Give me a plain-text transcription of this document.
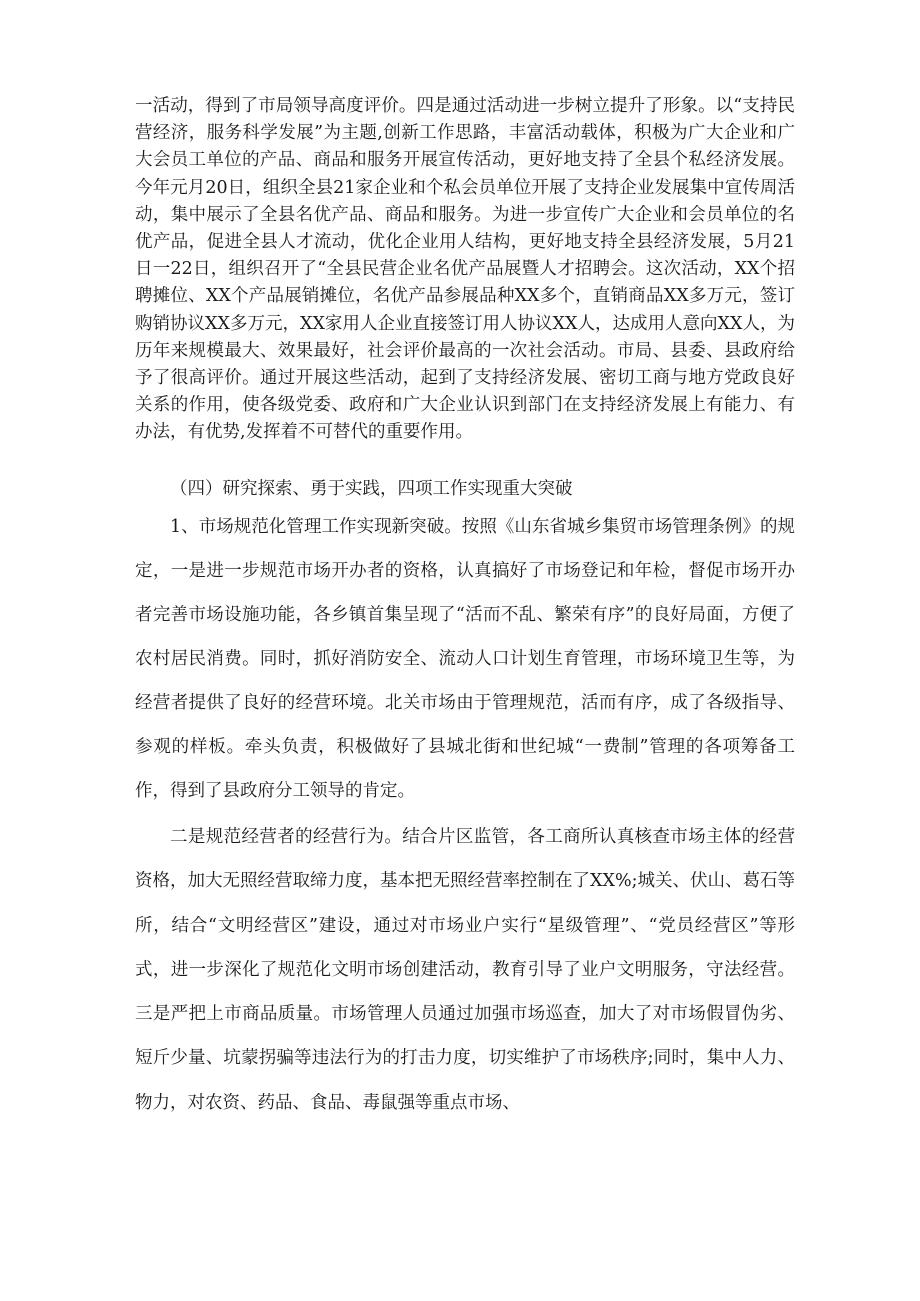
一活动，得到了市局领导高度评价。四是通过活动进一步树立提升了形象。以“支持民营经济，服务科学发展”为主题,创新工作思路，丰富活动载体，积极为广大企业和广大会员工单位的产品、商品和服务开展宣传活动，更好地支持了全县个私经济发展。今年元月20日，组织全县21家企业和个私会员单位开展了支持企业发展集中宣传周活动，集中展示了全县名优产品、商品和服务。为进一步宣传广大企业和会员单位的名优产品，促进全县人才流动，优化企业用人结构，更好地支持全县经济发展，5月21日一22日，组织召开了“全县民营企业名优产品展暨人才招聘会。这次活动，XX个招聘摊位、XX个产品展销摊位，名优产品参展品种XX多个，直销商品XX多万元，签订购销协议XX多万元，XX家用人企业直接签订用人协议XX人，达成用人意向XX人，为历年来规模最大、效果最好，社会评价最高的一次社会活动。市局、县委、县政府给予了很高评价。通过开展这些活动，起到了支持经济发展、密切工商与地方党政良好关系的作用，使各级党委、政府和广大企业认识到部门在支持经济发展上有能力、有办法，有优势,发挥着不可替代的重要作用。

（四）研究探索、勇于实践，四项工作实现重大突破

1、市场规范化管理工作实现新突破。按照《山东省城乡集贸市场管理条例》的规定，一是进一步规范市场开办者的资格，认真搞好了市场登记和年检，督促市场开办者完善市场设施功能，各乡镇首集呈现了“活而不乱、繁荣有序”的良好局面，方便了农村居民消费。同时，抓好消防安全、流动人口计划生育管理，市场环境卫生等，为经营者提供了良好的经营环境。北关市场由于管理规范，活而有序，成了各级指导、参观的样板。牵头负责，积极做好了县城北街和世纪城“一费制”管理的各项筹备工作，得到了县政府分工领导的肯定。

二是规范经营者的经营行为。结合片区监管，各工商所认真核查市场主体的经营资格，加大无照经营取缔力度，基本把无照经营率控制在了XX%;城关、伏山、葛石等所，结合“文明经营区”建设，通过对市场业户实行“星级管理”、“党员经营区”等形式，进一步深化了规范化文明市场创建活动，教育引导了业户文明服务，守法经营。三是严把上市商品质量。市场管理人员通过加强市场巡查，加大了对市场假冒伪劣、短斤少量、坑蒙拐骗等违法行为的打击力度，切实维护了市场秩序;同时，集中人力、物力，对农资、药品、食品、毒鼠强等重点市场、
